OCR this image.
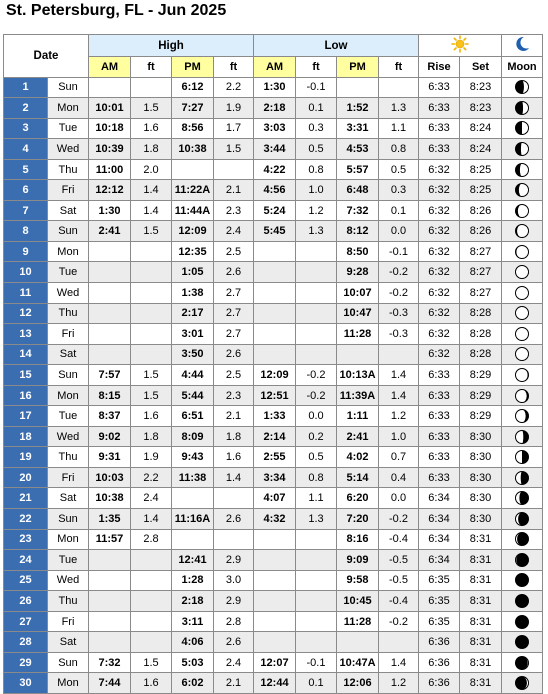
St. Petersburg, FL - Jun 2025
Date		High				Low		
		AM	ft	PM	ft	AM	ft	PM	ft	Rise	Set	Moon
1	Sun			6:12	2.2	1:30	-0.1			6:33	8:23	

2	Mon	10:01	1.5	7:27	1.9	2:18	0.1	1:52	1.3	6:33	8:23	

3	Tue	10:18	1.6	8:56	1.7	3:03	0.3	3:31	1.1	6:33	8:24	

4	Wed	10:39	1.8	10:38	1.5	3:44	0.5	4:53	0.8	6:33	8:24	

5	Thu	11:00	2.0			4:22	0.8	5:57	0.5	6:32	8:25	

6	Fri	12:12	1.4	11:22A	2.1	4:56	1.0	6:48	0.3	6:32	8:25	

7	Sat	1:30	1.4	11:44A	2.3	5:24	1.2	7:32	0.1	6:32	8:26	

8	Sun	2:41	1.5	12:09	2.4	5:45	1.3	8:12	0.0	6:32	8:26	

9	Mon			12:35	2.5			8:50	-0.1	6:32	8:27	

10	Tue			1:05	2.6			9:28	-0.2	6:32	8:27	

11	Wed			1:38	2.7			10:07	-0.2	6:32	8:27	

12	Thu			2:17	2.7			10:47	-0.3	6:32	8:28	

13	Fri			3:01	2.7			11:28	-0.3	6:32	8:28	

14	Sat			3:50	2.6					6:32	8:28	

15	Sun	7:57	1.5	4:44	2.5	12:09	-0.2	10:13A	1.4	6:33	8:29	

16	Mon	8:15	1.5	5:44	2.3	12:51	-0.2	11:39A	1.4	6:33	8:29	

17	Tue	8:37	1.6	6:51	2.1	1:33	0.0	1:11	1.2	6:33	8:29	

18	Wed	9:02	1.8	8:09	1.8	2:14	0.2	2:41	1.0	6:33	8:30	

19	Thu	9:31	1.9	9:43	1.6	2:55	0.5	4:02	0.7	6:33	8:30	

20	Fri	10:03	2.2	11:38	1.4	3:34	0.8	5:14	0.4	6:33	8:30	

21	Sat	10:38	2.4			4:07	1.1	6:20	0.0	6:34	8:30	

22	Sun	1:35	1.4	11:16A	2.6	4:32	1.3	7:20	-0.2	6:34	8:30	

23	Mon	11:57	2.8					8:16	-0.4	6:34	8:31	

24	Tue			12:41	2.9			9:09	-0.5	6:34	8:31	

25	Wed			1:28	3.0			9:58	-0.5	6:35	8:31	

26	Thu			2:18	2.9			10:45	-0.4	6:35	8:31	

27	Fri			3:11	2.8			11:28	-0.2	6:35	8:31	

28	Sat			4:06	2.6					6:36	8:31	

29	Sun	7:32	1.5	5:03	2.4	12:07	-0.1	10:47A	1.4	6:36	8:31	

30	Mon	7:44	1.6	6:02	2.1	12:44	0.1	12:06	1.2	6:36	8:31	
